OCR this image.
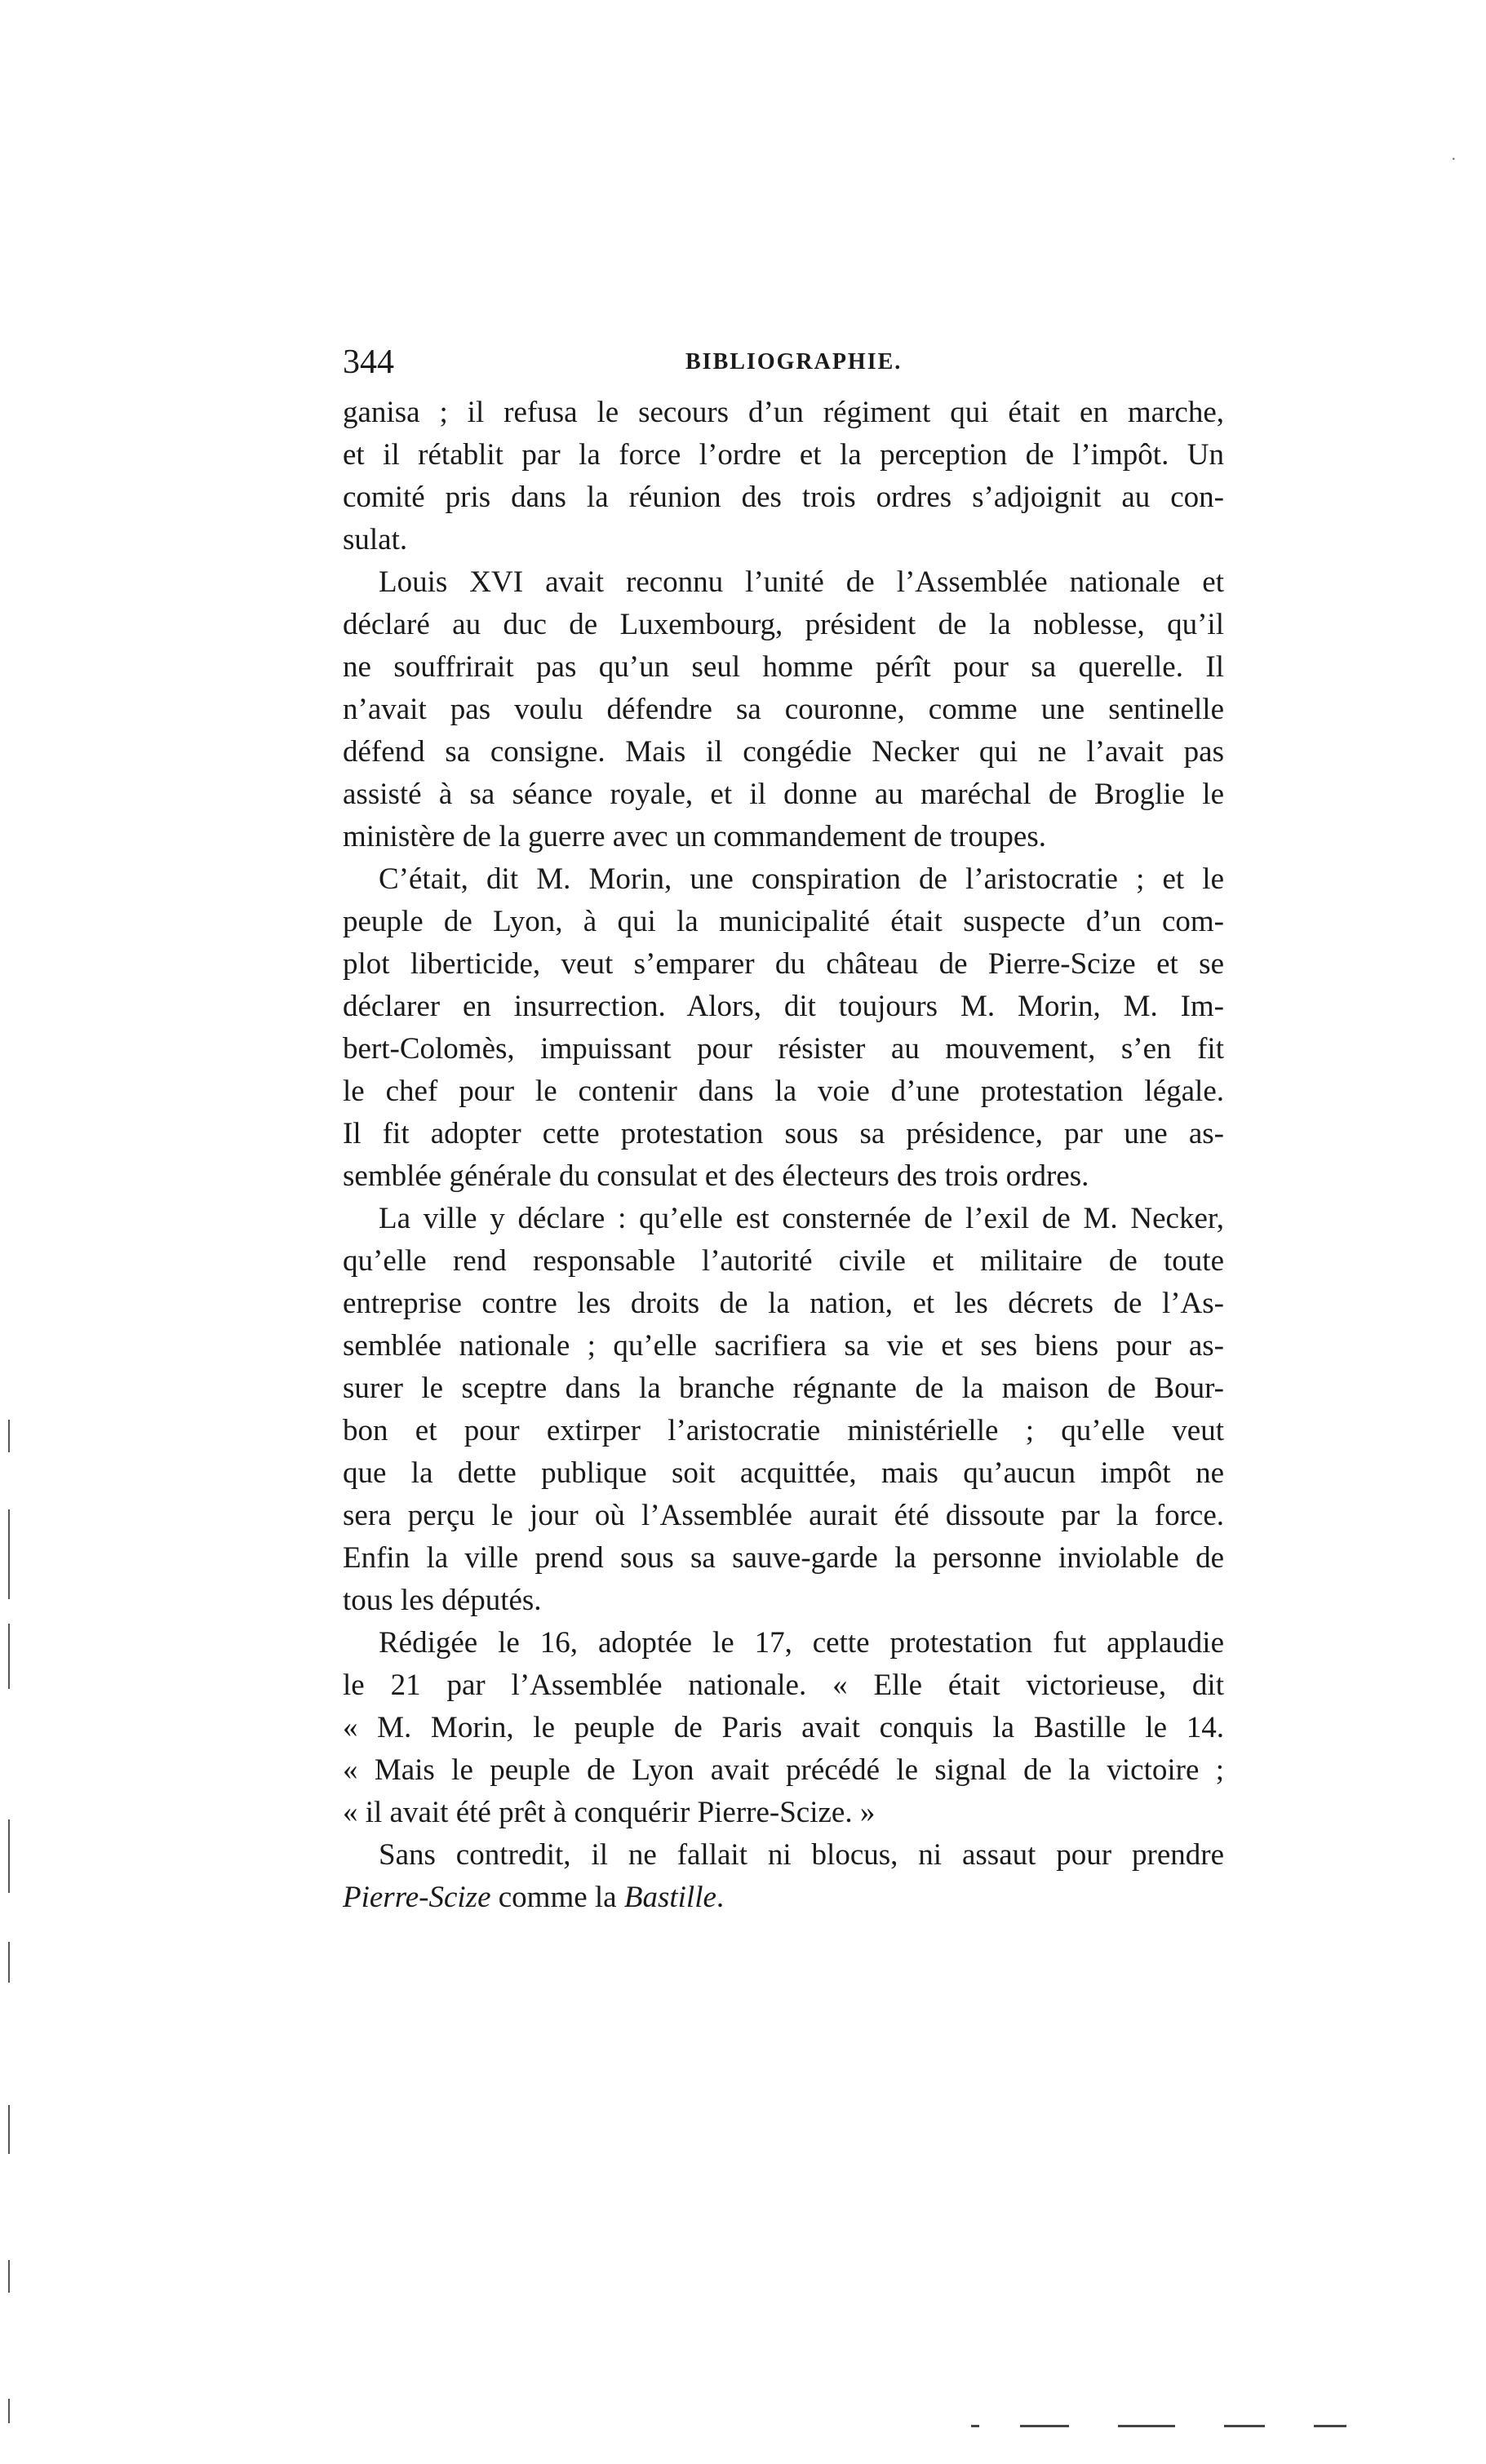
344	BIBLIOGRAPHIE.
ganisa ; il refusa le secours d’un régiment qui était en marche,
et il rétablit par la force l’ordre et la perception de l’impôt. Un
comité pris dans la réunion des trois ordres s’adjoignit au con-
sulat.
Louis XVI avait reconnu l’unité de l’Assemblée nationale et
déclaré au duc de Luxembourg, président de la noblesse, qu’il
ne souffrirait pas qu’un seul homme pérît pour sa querelle. Il
n’avait pas voulu défendre sa couronne, comme une sentinelle
défend sa consigne. Mais il congédie Necker qui ne l’avait pas
assisté à sa séance royale, et il donne au maréchal de Broglie le
ministère de la guerre avec un commandement de troupes.
C’était, dit M. Morin, une conspiration de l’aristocratie ; et le
peuple de Lyon, à qui la municipalité était suspecte d’un com-
plot liberticide, veut s’emparer du château de Pierre-Scize et se
déclarer en insurrection. Alors, dit toujours M. Morin, M. Im-
bert-Colomès, impuissant pour résister au mouvement, s’en fit
le chef pour le contenir dans la voie d’une protestation légale.
Il fit adopter cette protestation sous sa présidence, par une as-
semblée générale du consulat et des électeurs des trois ordres.
La ville y déclare : qu’elle est consternée de l’exil de M. Necker,
qu’elle rend responsable l’autorité civile et militaire de toute
entreprise contre les droits de la nation, et les décrets de l’As-
semblée nationale ; qu’elle sacrifiera sa vie et ses biens pour as-
surer le sceptre dans la branche régnante de la maison de Bour-
bon et pour extirper l’aristocratie ministérielle ; qu’elle veut
que la dette publique soit acquittée, mais qu’aucun impôt ne
sera perçu le jour où l’Assemblée aurait été dissoute par la force.
Enfin la ville prend sous sa sauve-garde la personne inviolable de
tous les députés.
Rédigée le 16, adoptée le 17, cette protestation fut applaudie
le 21 par l’Assemblée nationale. « Elle était victorieuse, dit
« M. Morin, le peuple de Paris avait conquis la Bastille le 14.
« Mais le peuple de Lyon avait précédé le signal de la victoire ;
« il avait été prêt à conquérir Pierre-Scize. »
Sans contredit, il ne fallait ni blocus, ni assaut pour prendre
Pierre-Scize comme la Bastille.
·
